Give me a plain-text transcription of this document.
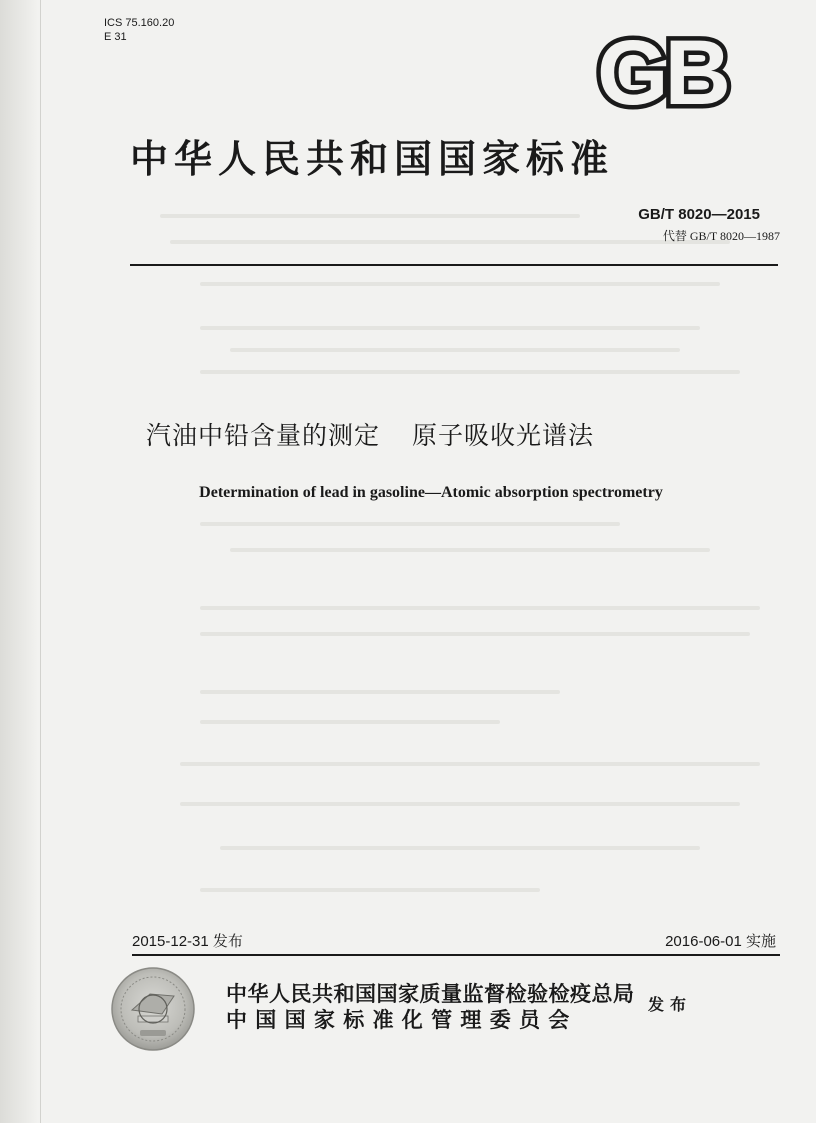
ICS 75.160.20
E 31	GB
中华人民共和国国家标准
GB/T 8020—2015
代替 GB/T 8020—1987
汽油中铅含量的测定 原子吸收光谱法
Determination of lead in gasoline—Atomic absorption spectrometry
2015-12-31 发布	2016-06-01 实施
中华人民共和国国家质量监督检验检疫总局
中国国家标准化管理委员会
发布
